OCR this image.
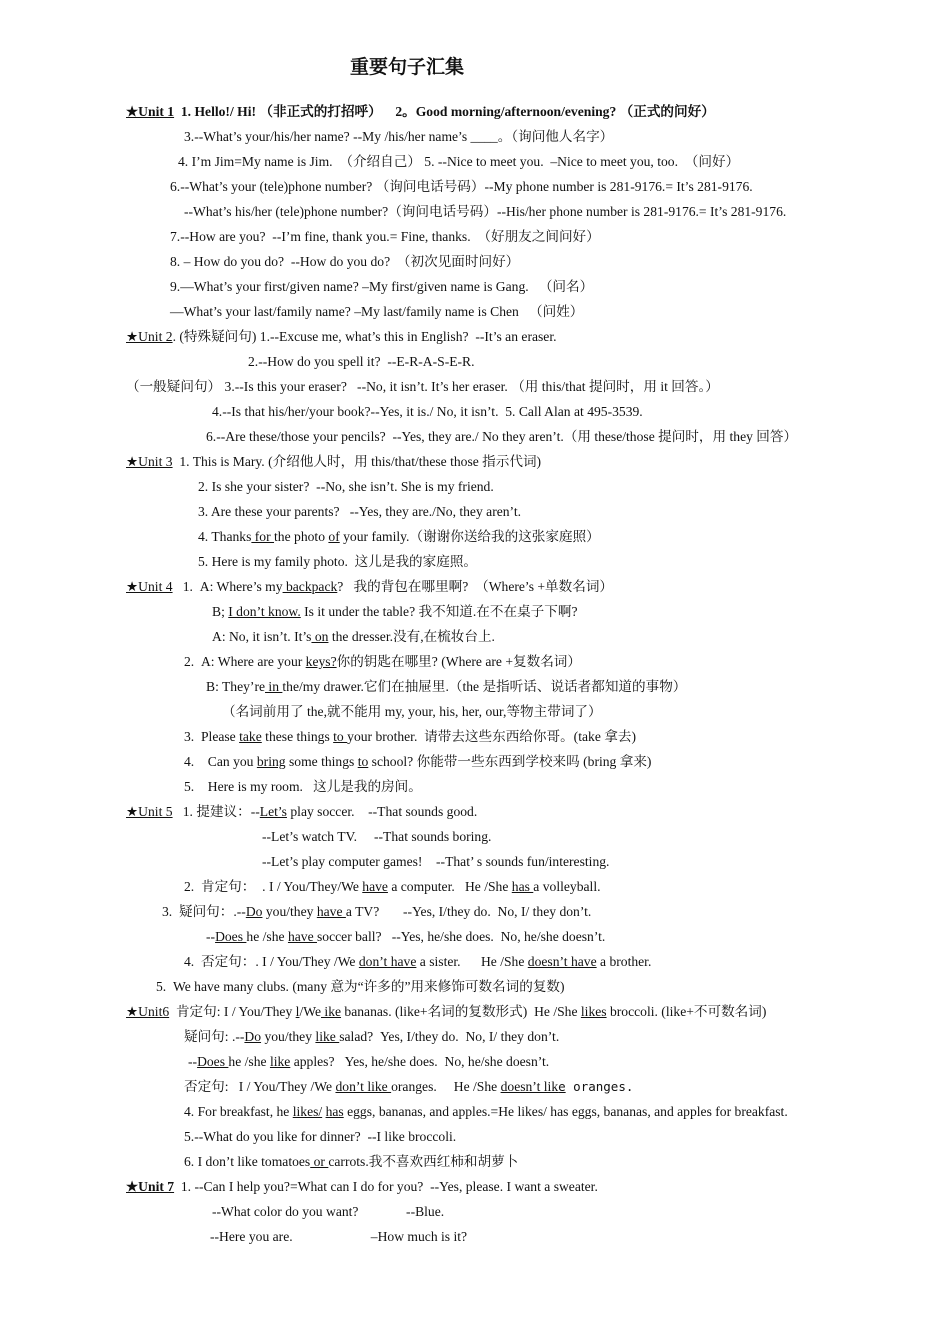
重要句子汇集
★Unit 1  1. Hello!/ Hi! （非正式的打招呼）    2。Good morning/afternoon/evening? （正式的问好）
3.--What’s your/his/her name? --My /his/her name’s ____。（询问他人名字）
4. I’m Jim=My name is Jim.  （介绍自己） 5. --Nice to meet you.  –Nice to meet you, too.  （问好）
6.--What’s your (tele)phone number? （询问电话号码）--My phone number is 281-9176.= It’s 281-9176.
--What’s his/her (tele)phone number?（询问电话号码）--His/her phone number is 281-9176.= It’s 281-9176.
7.--How are you?  --I’m fine, thank you.= Fine, thanks.  （好朋友之间问好）
8. – How do you do?  --How do you do?  （初次见面时问好）
9.—What’s your first/given name? –My first/given name is Gang.   （问名）
—What’s your last/family name? –My last/family name is Chen   （问姓）
★Unit 2. (特殊疑问句) 1.--Excuse me, what’s this in English?  --It’s an eraser.
2.--How do you spell it?  --E-R-A-S-E-R.
（一般疑问句） 3.--Is this your eraser?   --No, it isn’t. It’s her eraser. （用 this/that 提问时，用 it 回答。）
4.--Is that his/her/your book?--Yes, it is./ No, it isn’t.  5. Call Alan at 495-3539.
6.--Are these/those your pencils?  --Yes, they are./ No they aren’t.（用 these/those 提问时，用 they 回答）
★Unit 3  1. This is Mary. (介绍他人时，用 this/that/these those 指示代词)
2. Is she your sister?  --No, she isn’t. She is my friend.
3. Are these your parents?   --Yes, they are./No, they aren’t.
4. Thanks for the photo of your family.（谢谢你送给我的这张家庭照）
5. Here is my family photo.  这儿是我的家庭照。
★Unit 4   1.  A: Where’s my backpack?   我的背包在哪里啊?  （Where’s +单数名词）
B; I don’t know. Is it under the table? 我不知道.在不在桌子下啊?
A: No, it isn’t. It’s on the dresser.没有,在梳妆台上.
2.  A: Where are your keys?你的钥匙在哪里? (Where are +复数名词）
B: They’re in the/my drawer.它们在抽屉里.（the 是指听话、说话者都知道的事物）
（名词前用了 the,就不能用 my, your, his, her, our,等物主带词了）
3.  Please take these things to your brother.  请带去这些东西给你哥。(take 拿去)
4.    Can you bring some things to school? 你能带一些东西到学校来吗 (bring 拿来)
5.    Here is my room.   这儿是我的房间。
★Unit 5   1. 提建议：--Let’s play soccer.    --That sounds good.
--Let’s watch TV.     --That sounds boring.
--Let’s play computer games!    --That’ s sounds fun/interesting.
2.  肯定句：  . I / You/They/We have a computer.   He /She has a volleyball.
3.  疑问句：.--Do you/they have a TV?       --Yes, I/they do.  No, I/ they don’t.
--Does he /she have soccer ball?   --Yes, he/she does.  No, he/she doesn’t.
4.  否定句：. I / You/They /We don’t have a sister.      He /She doesn’t have a brother.
5.  We have many clubs. (many 意为“许多的”用来修饰可数名词的复数)
★Unit6  肯定句: I / You/They l/We ike bananas. (like+名词的复数形式)  He /She likes broccoli. (like+不可数名词)
疑问句: .--Do you/they like salad?  Yes, I/they do.  No, I/ they don’t.
--Does he /she like apples?   Yes, he/she does.  No, he/she doesn’t.
否定句:   I / You/They /We don’t like oranges.     He /She doesn’t like oranges.
4. For breakfast, he likes/ has eggs, bananas, and apples.=He likes/ has eggs, bananas, and apples for breakfast.
5.--What do you like for dinner?  --I like broccoli.
6. I don’t like tomatoes or carrots.我不喜欢西红柿和胡萝卜
★Unit 7  1. --Can I help you?=What can I do for you?  --Yes, please. I want a sweater.
--What color do you want?              --Blue.
--Here you are.                       –How much is it?
